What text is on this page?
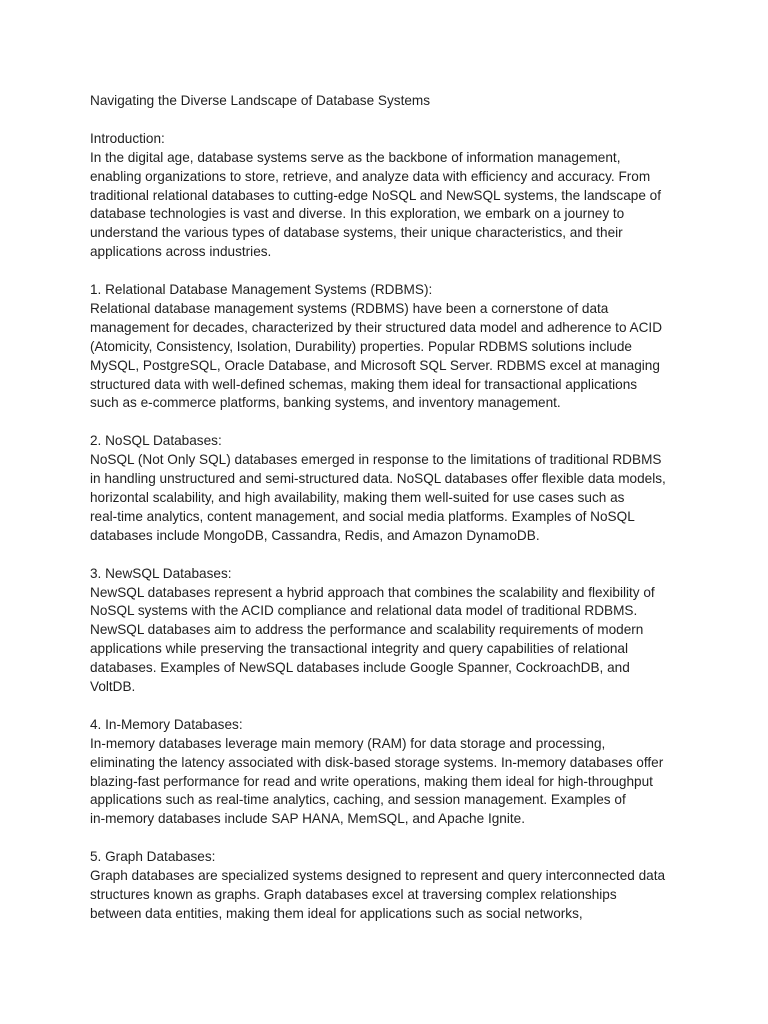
Navigating the Diverse Landscape of Database Systems

Introduction:

In the digital age, database systems serve as the backbone of information management,
enabling organizations to store, retrieve, and analyze data with efficiency and accuracy. From
traditional relational databases to cutting-edge NoSQL and NewSQL systems, the landscape of
database technologies is vast and diverse. In this exploration, we embark on a journey to
understand the various types of database systems, their unique characteristics, and their
applications across industries.

1. Relational Database Management Systems (RDBMS):

Relational database management systems (RDBMS) have been a cornerstone of data
management for decades, characterized by their structured data model and adherence to ACID
(Atomicity, Consistency, Isolation, Durability) properties. Popular RDBMS solutions include
MySQL, PostgreSQL, Oracle Database, and Microsoft SQL Server. RDBMS excel at managing
structured data with well-defined schemas, making them ideal for transactional applications
such as e-commerce platforms, banking systems, and inventory management.

2. NoSQL Databases:

NoSQL (Not Only SQL) databases emerged in response to the limitations of traditional RDBMS
in handling unstructured and semi-structured data. NoSQL databases offer flexible data models,
horizontal scalability, and high availability, making them well-suited for use cases such as
real-time analytics, content management, and social media platforms. Examples of NoSQL
databases include MongoDB, Cassandra, Redis, and Amazon DynamoDB.

3. NewSQL Databases:

NewSQL databases represent a hybrid approach that combines the scalability and flexibility of
NoSQL systems with the ACID compliance and relational data model of traditional RDBMS.
NewSQL databases aim to address the performance and scalability requirements of modern
applications while preserving the transactional integrity and query capabilities of relational
databases. Examples of NewSQL databases include Google Spanner, CockroachDB, and
VoltDB.

4. In-Memory Databases:

In-memory databases leverage main memory (RAM) for data storage and processing,
eliminating the latency associated with disk-based storage systems. In-memory databases offer
blazing-fast performance for read and write operations, making them ideal for high-throughput
applications such as real-time analytics, caching, and session management. Examples of
in-memory databases include SAP HANA, MemSQL, and Apache Ignite.

5. Graph Databases:

Graph databases are specialized systems designed to represent and query interconnected data
structures known as graphs. Graph databases excel at traversing complex relationships
between data entities, making them ideal for applications such as social networks,
